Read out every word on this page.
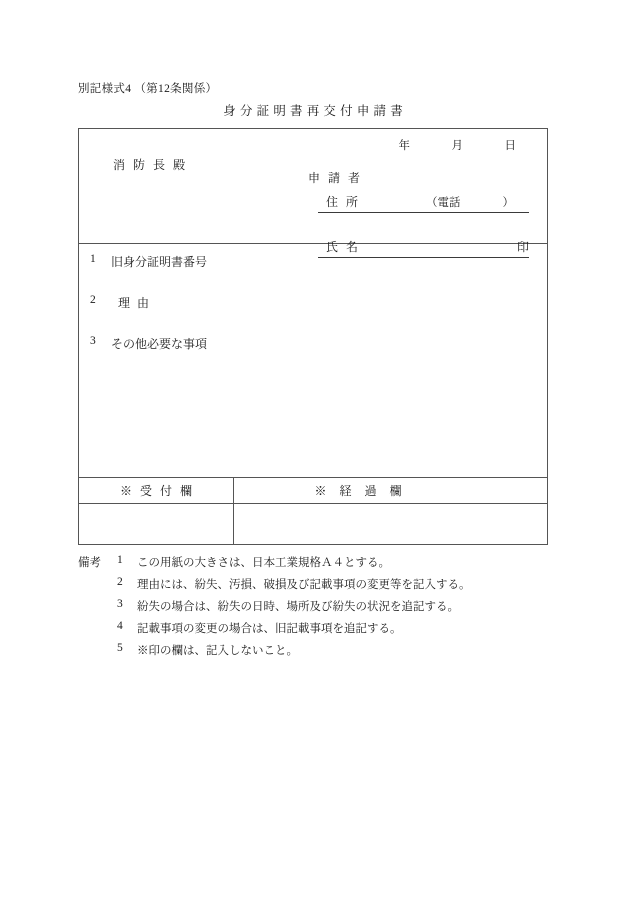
別記様式4 （第12条関係）
身分証明書再交付申請書
年　月　日
消防長殿
申請者
住所	（電話	）
氏名	印
1	旧身分証明書番号
2	理由
3	その他必要な事項
※受付欄	※経過欄
備考 1	この用紙の大きさは、日本工業規格Ａ４とする。
2	理由には、紛失、汚損、破損及び記載事項の変更等を記入する。
3	紛失の場合は、紛失の日時、場所及び紛失の状況を追記する。
4	記載事項の変更の場合は、旧記載事項を追記する。
5	※印の欄は、記入しないこと。
